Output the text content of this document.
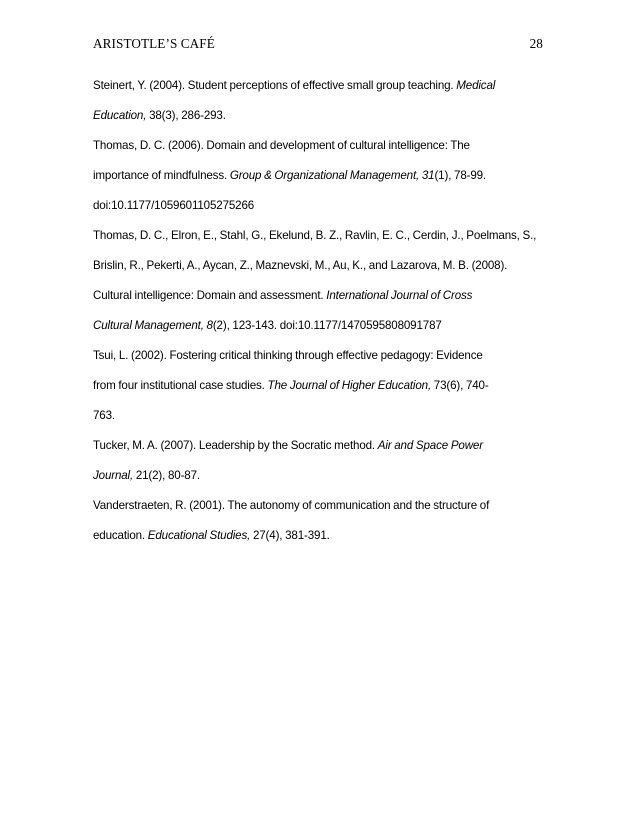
ARISTOTLE’S CAFÉ	28

Steinert, Y. (2004). Student perceptions of effective small group teaching. Medical
Education, 38(3), 286-293.

Thomas, D. C. (2006). Domain and development of cultural intelligence: The
importance of mindfulness. Group & Organizational Management, 31(1), 78-99.
doi:10.1177/1059601105275266

Thomas, D. C., Elron, E., Stahl, G., Ekelund, B. Z., Ravlin, E. C., Cerdin, J., Poelmans, S.,
Brislin, R., Pekerti, A., Aycan, Z., Maznevski, M., Au, K., and Lazarova, M. B. (2008).
Cultural intelligence: Domain and assessment. International Journal of Cross
Cultural Management, 8(2), 123-143. doi:10.1177/1470595808091787

Tsui, L. (2002). Fostering critical thinking through effective pedagogy: Evidence
from four institutional case studies. The Journal of Higher Education, 73(6), 740-
763.

Tucker, M. A. (2007). Leadership by the Socratic method. Air and Space Power
Journal, 21(2), 80-87.

Vanderstraeten, R. (2001). The autonomy of communication and the structure of
education. Educational Studies, 27(4), 381-391.
